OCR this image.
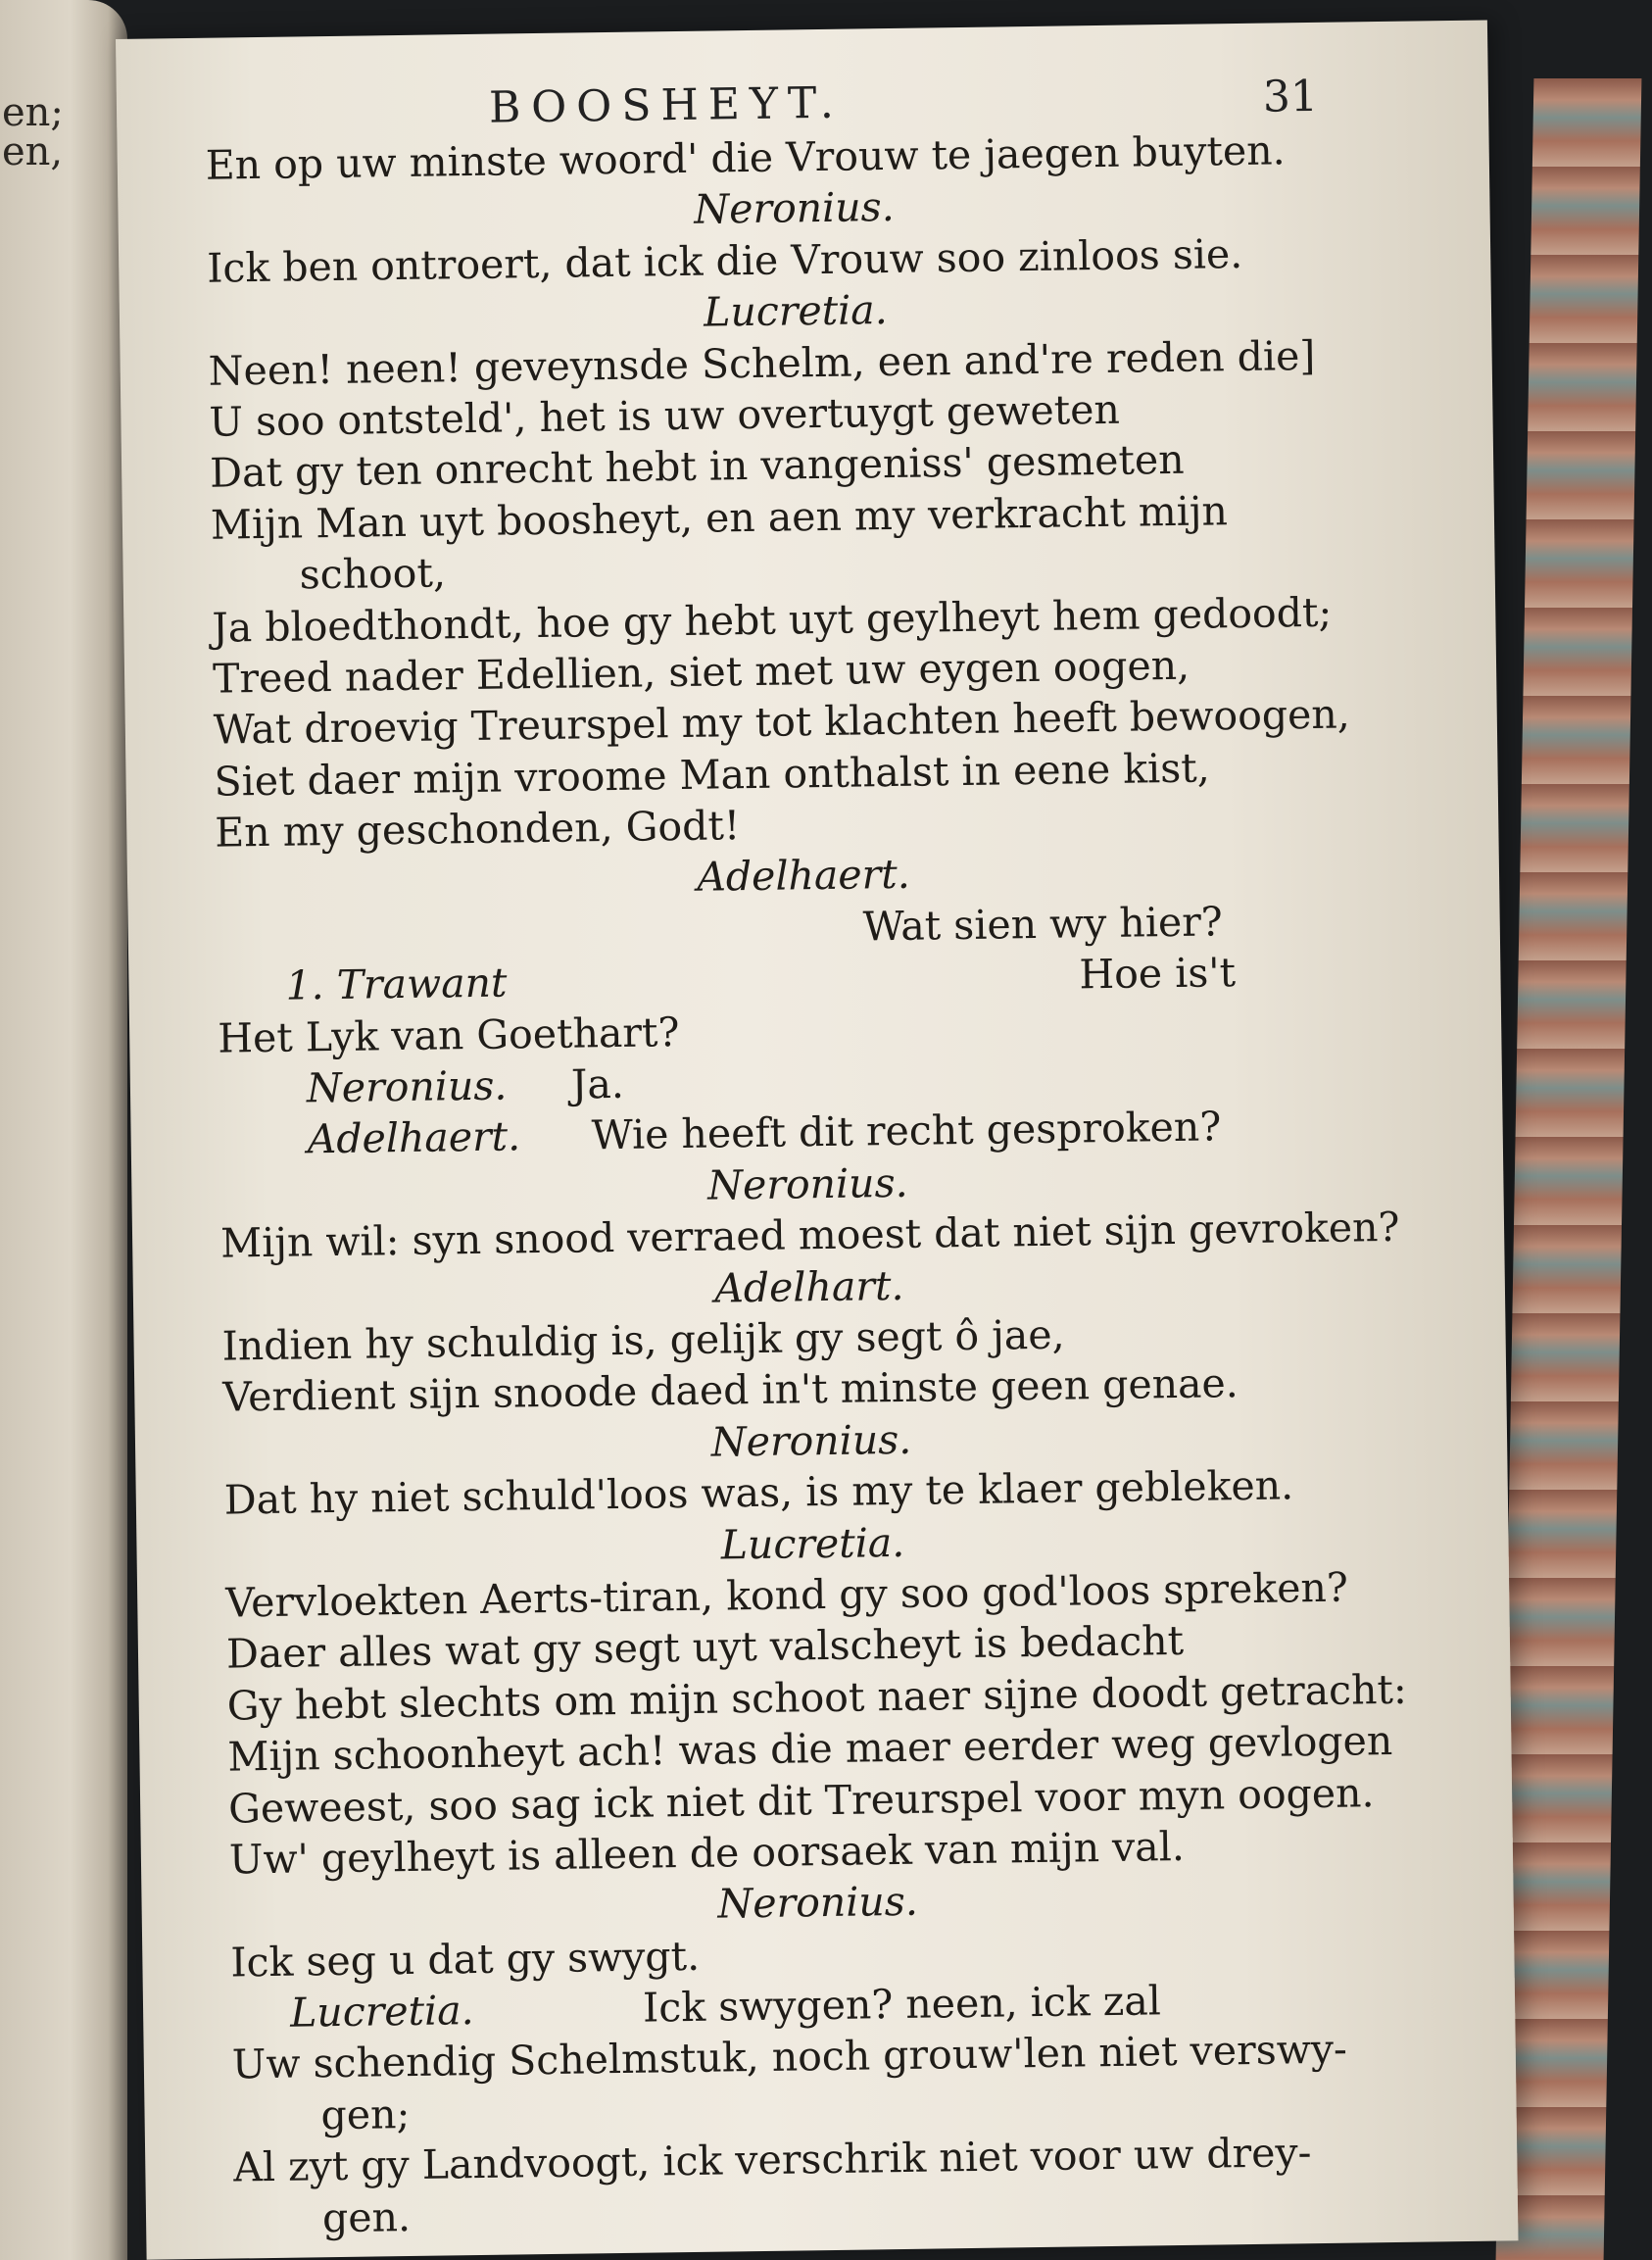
en;
en,
BOOSHEYT.	31
En op uw minste woord' die Vrouw te jaegen buyten.
Neronius.
Ick ben ontroert, dat ick die Vrouw soo zinloos sie.
Lucretia.
Neen! neen! geveynsde Schelm, een and're reden die]
U soo ontsteld', het is uw overtuygt geweten
Dat gy ten onrecht hebt in vangeniss' gesmeten
Mijn Man uyt boosheyt, en aen my verkracht mijn
schoot,
Ja bloedthondt, hoe gy hebt uyt geylheyt hem gedoodt;
Treed nader Edellien, siet met uw eygen oogen,
Wat droevig Treurspel my tot klachten heeft bewoogen,
Siet daer mijn vroome Man onthalst in eene kist,
En my geschonden, Godt!
Adelhaert.
Wat sien wy hier?
1. Trawant	Hoe is't
Het Lyk van Goethart?
Neronius. Ja.
Adelhaert. Wie heeft dit recht gesproken?
Neronius.
Mijn wil: syn snood verraed moest dat niet sijn gevroken?
Adelhart.
Indien hy schuldig is, gelijk gy segt ô jae,
Verdient sijn snoode daed in't minste geen genae.
Neronius.
Dat hy niet schuld'loos was, is my te klaer gebleken.
Lucretia.
Vervloekten Aerts-tiran, kond gy soo god'loos spreken?
Daer alles wat gy segt uyt valscheyt is bedacht
Gy hebt slechts om mijn schoot naer sijne doodt getracht:
Mijn schoonheyt ach! was die maer eerder weg gevlogen
Geweest, soo sag ick niet dit Treurspel voor myn oogen.
Uw' geylheyt is alleen de oorsaek van mijn val.
Neronius.
Ick seg u dat gy swygt.
Lucretia.	Ick swygen? neen, ick zal
Uw schendig Schelmstuk, noch grouw'len niet verswy-
gen;
Al zyt gy Landvoogt, ick verschrik niet voor uw drey-
gen.
